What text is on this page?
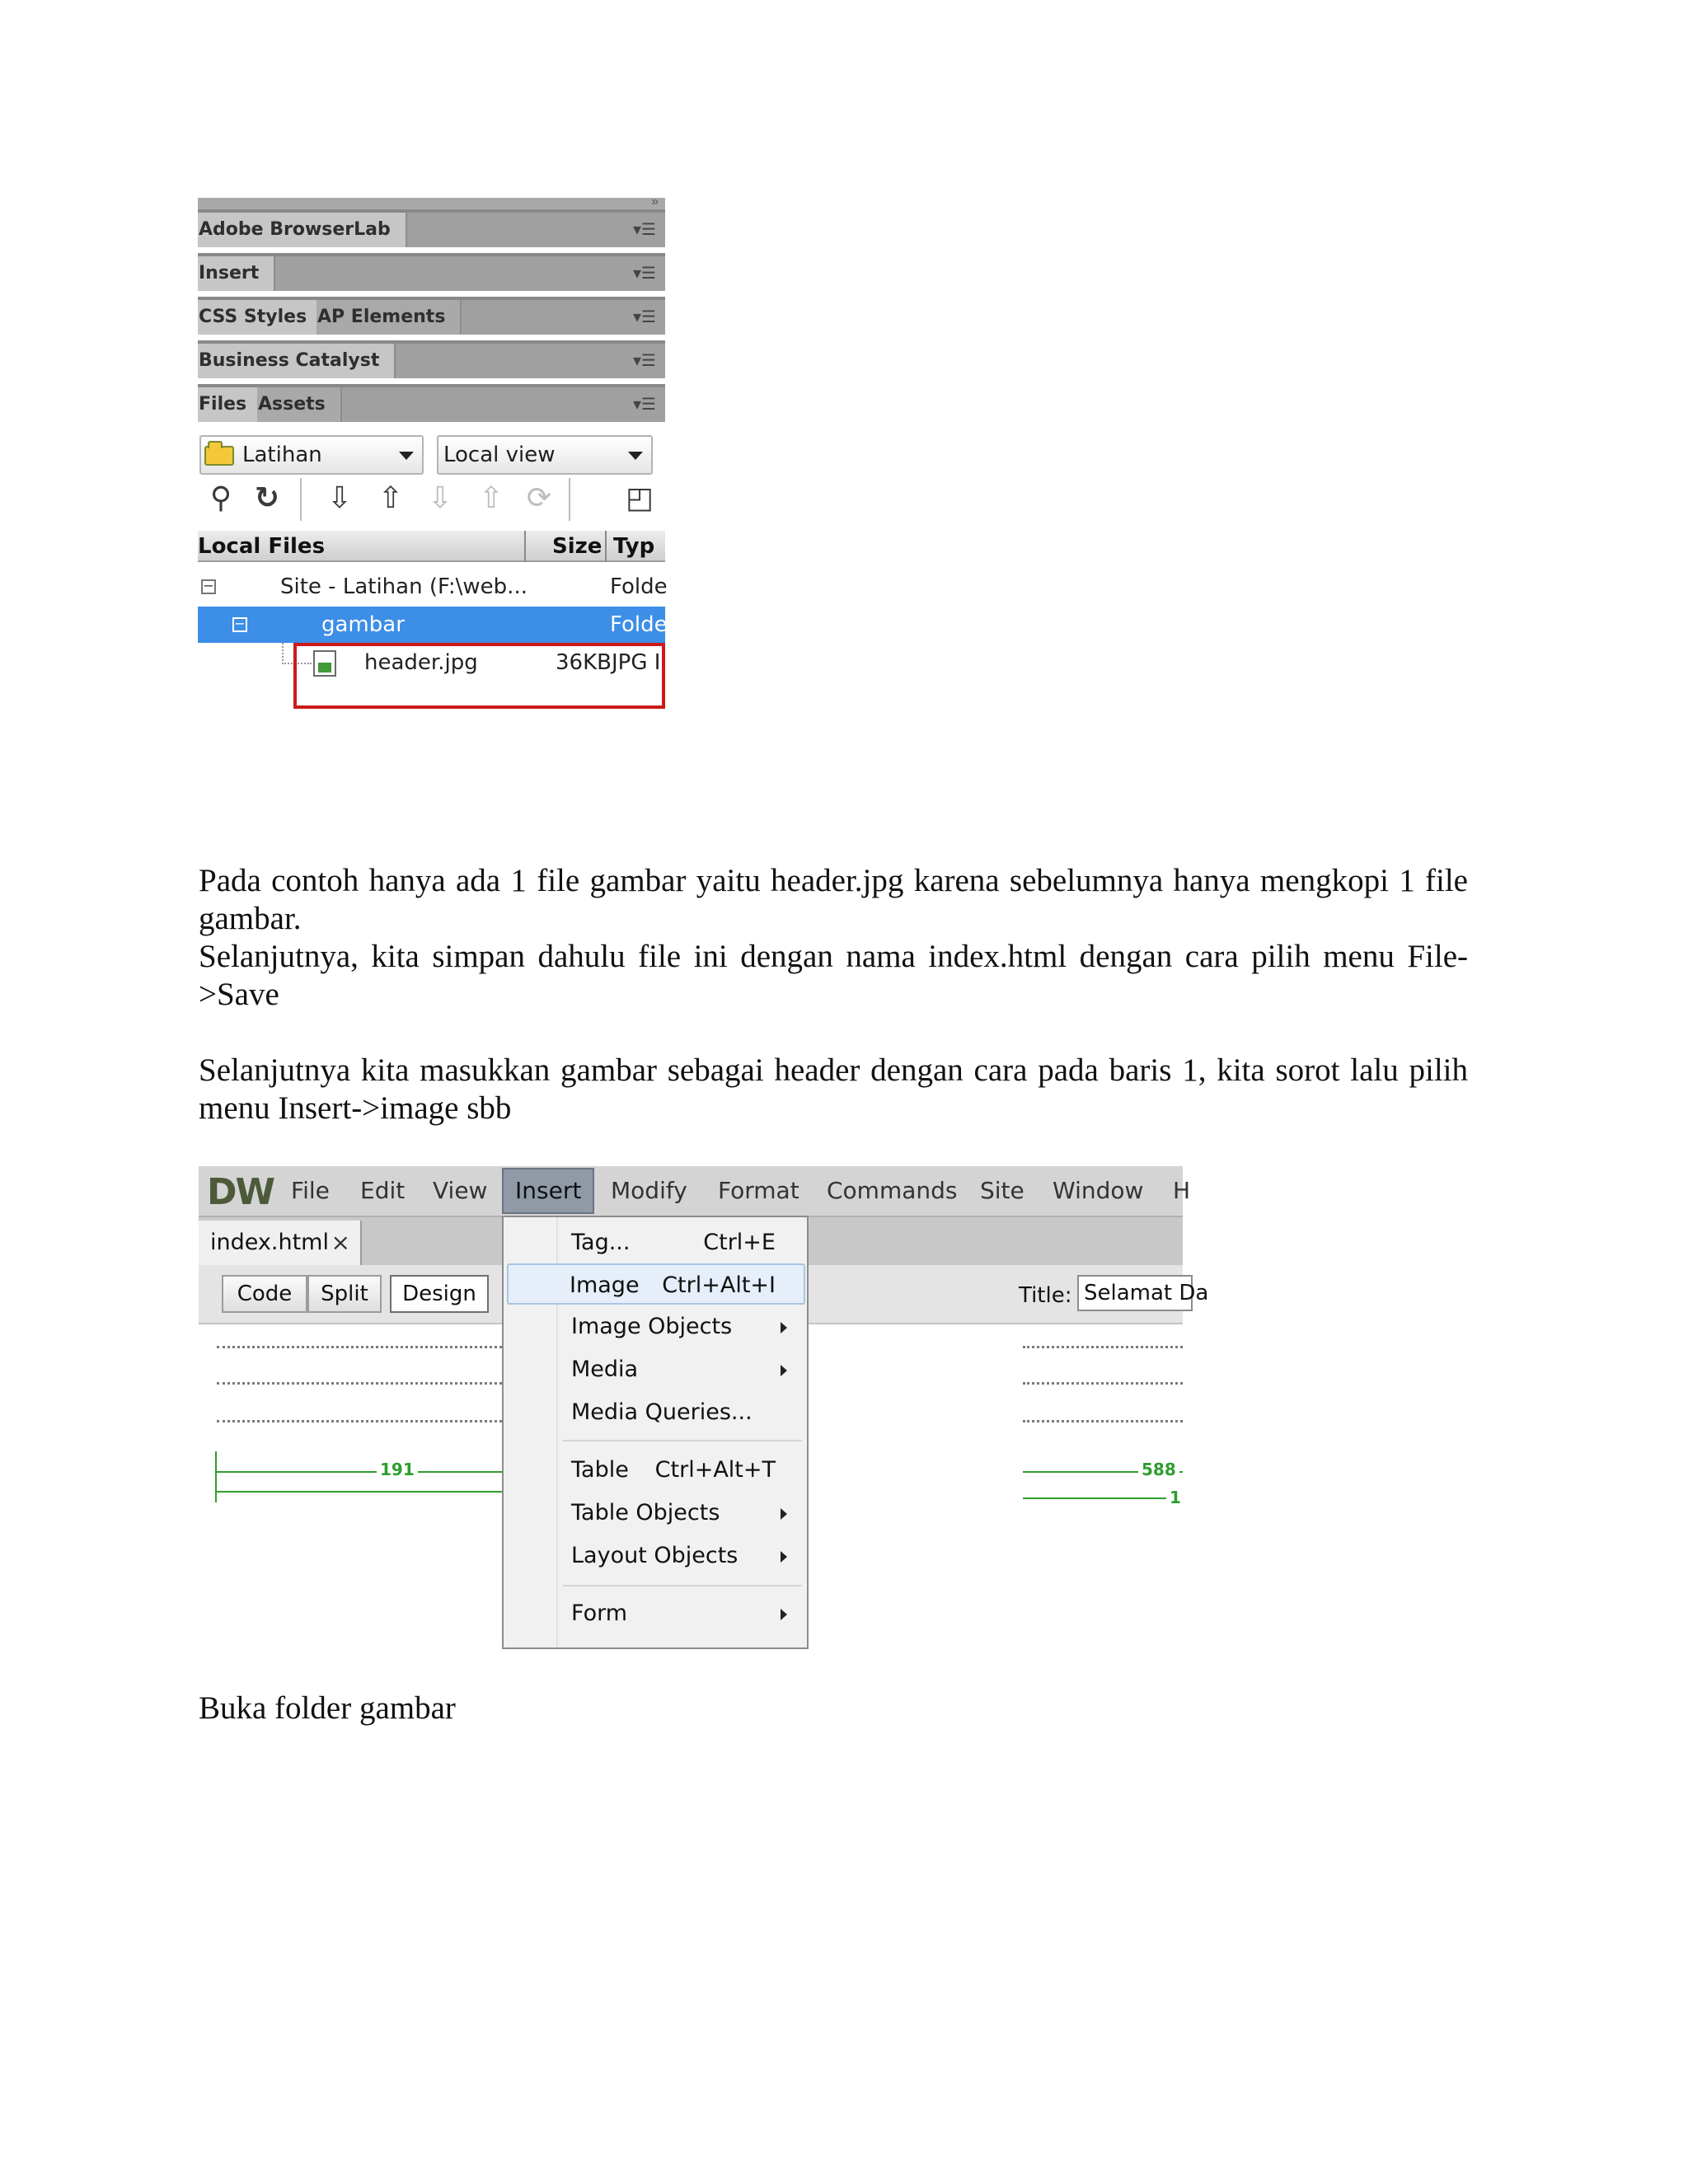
»
Adobe BrowserLab	▾☰
Insert	▾☰
CSS Styles AP Elements	▾☰
Business Catalyst	▾☰
Files Assets	▾☰
Latihan	Local view
⚲ ↻ ⇩ ⇧ ⇩ ⇧ ⟳ ◰
Local Files	Size Typ
−	Site - Latihan (F:\web...	Folde
−	gambar	Folde
header.jpg	36KB JPG I
Pada contoh hanya ada 1 file gambar yaitu header.jpg karena sebelumnya hanya mengkopi 1 file
gambar.
Selanjutnya, kita simpan dahulu file ini dengan nama index.html dengan cara pilih menu File-
>Save
Selanjutnya kita masukkan gambar sebagai header dengan cara pada baris 1, kita sorot lalu pilih
menu Insert->image sbb
DW File Edit View	Insert	Modify Format Commands Site Window H
index.html ×
Code	Split	Design	Title: Selamat Da
191	588
1
Tag...	Ctrl+E
Image Ctrl+Alt+I
Image Objects
Media
Media Queries...
Table Ctrl+Alt+T
Table Objects
Layout Objects
Form
Buka folder gambar
